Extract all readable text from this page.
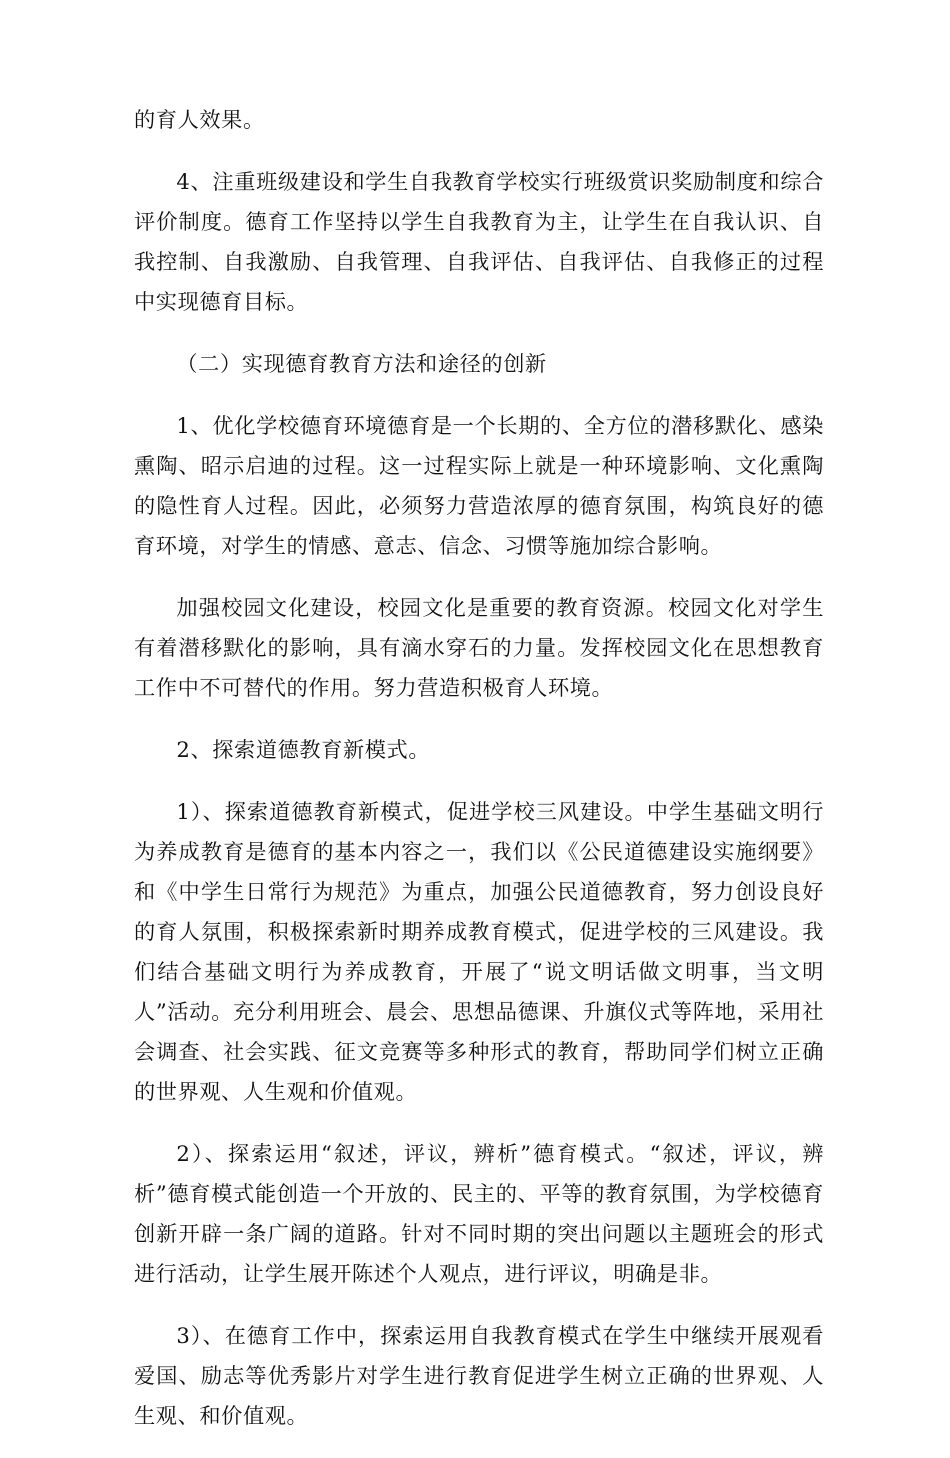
的育人效果。

4、注重班级建设和学生自我教育学校实行班级赏识奖励制度和综合评价制度。德育工作坚持以学生自我教育为主，让学生在自我认识、自我控制、自我激励、自我管理、自我评估、自我评估、自我修正的过程中实现德育目标。

（二）实现德育教育方法和途径的创新

1、优化学校德育环境德育是一个长期的、全方位的潜移默化、感染熏陶、昭示启迪的过程。这一过程实际上就是一种环境影响、文化熏陶的隐性育人过程。因此，必须努力营造浓厚的德育氛围，构筑良好的德育环境，对学生的情感、意志、信念、习惯等施加综合影响。

加强校园文化建设，校园文化是重要的教育资源。校园文化对学生有着潜移默化的影响，具有滴水穿石的力量。发挥校园文化在思想教育工作中不可替代的作用。努力营造积极育人环境。

2、探索道德教育新模式。

1）、探索道德教育新模式，促进学校三风建设。中学生基础文明行为养成教育是德育的基本内容之一，我们以《公民道德建设实施纲要》和《中学生日常行为规范》为重点，加强公民道德教育，努力创设良好的育人氛围，积极探索新时期养成教育模式，促进学校的三风建设。我们结合基础文明行为养成教育，开展了“说文明话做文明事，当文明人”活动。充分利用班会、晨会、思想品德课、升旗仪式等阵地，采用社会调查、社会实践、征文竞赛等多种形式的教育，帮助同学们树立正确的世界观、人生观和价值观。

2）、探索运用“叙述，评议，辨析”德育模式。“叙述，评议，辨析”德育模式能创造一个开放的、民主的、平等的教育氛围，为学校德育创新开辟一条广阔的道路。针对不同时期的突出问题以主题班会的形式进行活动，让学生展开陈述个人观点，进行评议，明确是非。

3）、在德育工作中，探索运用自我教育模式在学生中继续开展观看爱国、励志等优秀影片对学生进行教育促进学生树立正确的世界观、人生观、和价值观。
